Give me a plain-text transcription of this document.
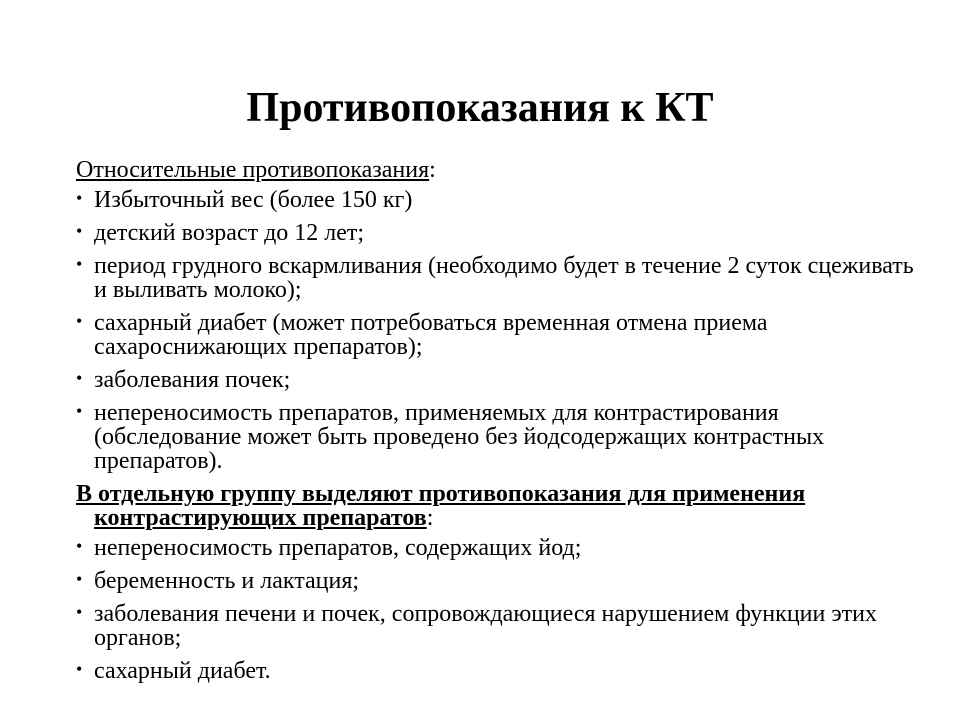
Противопоказания к КТ
Относительные противопоказания:
• Избыточный вес (более 150 кг)
• детский возраст до 12 лет;
• период грудного вскармливания (необходимо будет в течение 2 суток сцеживать и выливать молоко);
• сахарный диабет (может потребоваться временная отмена приема сахароснижающих препаратов);
• заболевания почек;
• непереносимость препаратов, применяемых для контрастирования (обследование может быть проведено без йодсодержащих контрастных препаратов).
В отдельную группу выделяют противопоказания для применения контрастирующих препаратов:
• непереносимость препаратов, содержащих йод;
• беременность и лактация;
• заболевания печени и почек, сопровождающиеся нарушением функции этих органов;
• сахарный диабет.
